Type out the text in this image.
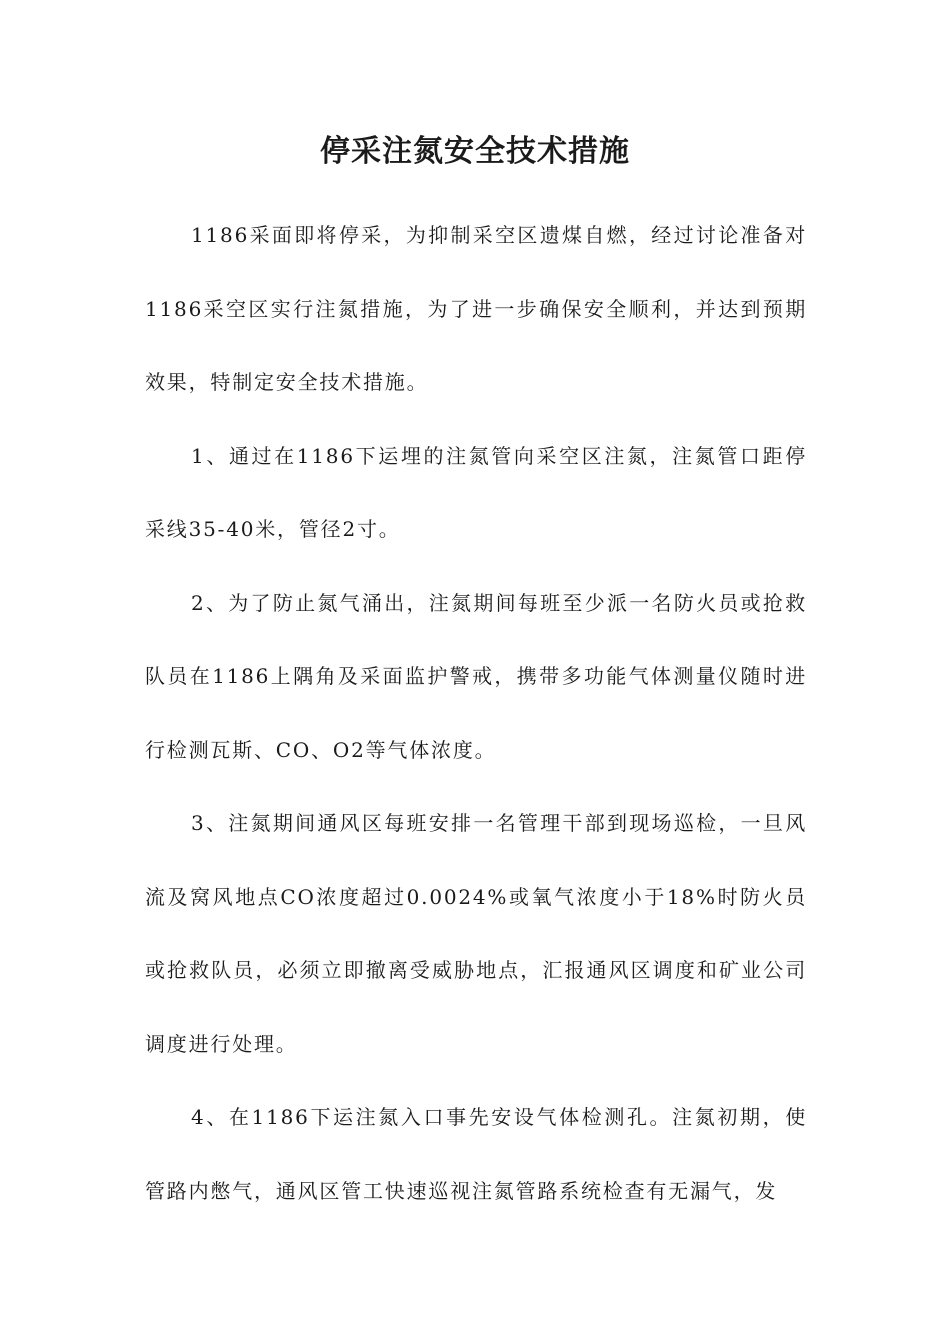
停采注氮安全技术措施

1186采面即将停采，为抑制采空区遗煤自燃，经过讨论准备对1186采空区实行注氮措施，为了进一步确保安全顺利，并达到预期效果，特制定安全技术措施。

1、通过在1186下运埋的注氮管向采空区注氮，注氮管口距停采线35-40米，管径2寸。

2、为了防止氮气涌出，注氮期间每班至少派一名防火员或抢救队员在1186上隅角及采面监护警戒，携带多功能气体测量仪随时进行检测瓦斯、CO、O2等气体浓度。

3、注氮期间通风区每班安排一名管理干部到现场巡检，一旦风流及窝风地点CO浓度超过0.0024%或氧气浓度小于18%时防火员或抢救队员，必须立即撤离受威胁地点，汇报通风区调度和矿业公司调度进行处理。

4、在1186下运注氮入口事先安设气体检测孔。注氮初期，使管路内憋气，通风区管工快速巡视注氮管路系统检查有无漏气，发
